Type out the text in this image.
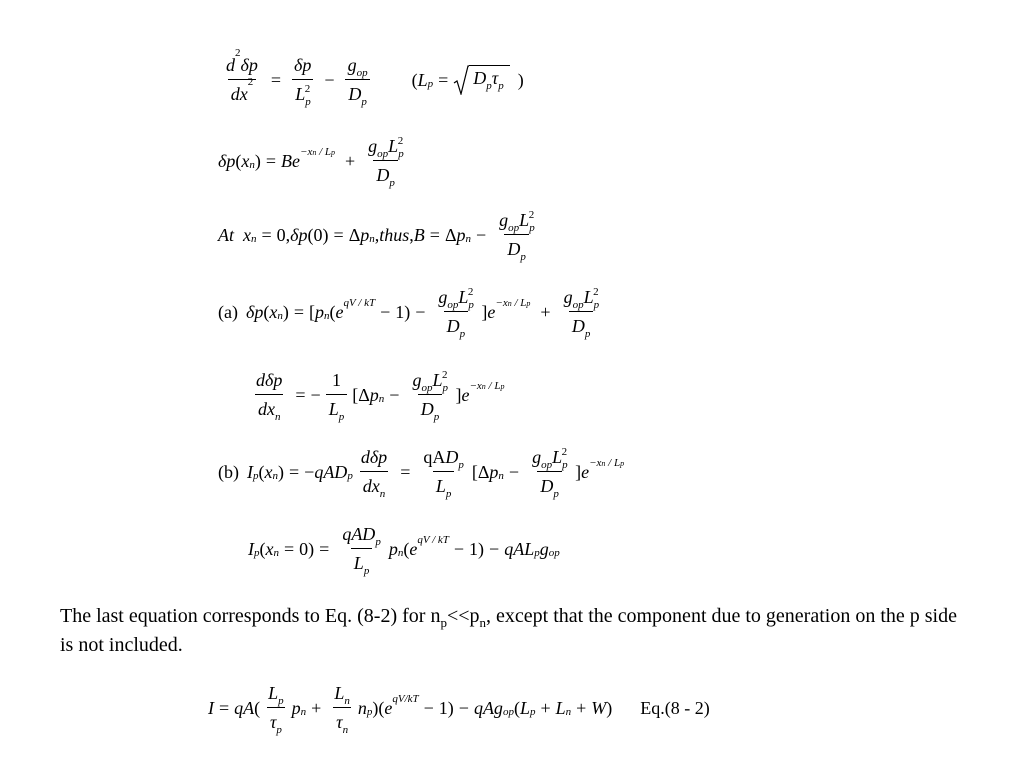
$\frac{d^2\delta p}{dx^2} = \frac{\delta p}{L_p^2} - \frac{g_{op}}{D_p}$ ( L $p = D_p\tau_p$ )
δp ( x n ) = $Be -xn / Lp + \frac{g_{op}L_p^2}{D_p}$
At
x n = 0, δp (0) = Δ p n , thus , B = Δ p $n - \frac{g_{op}L_p^2}{D_p}$
(a) δp ( x n ) = [ p n ( e qV / kT − $1) - \frac{g_{op}L_p^2}{D_p}$ ] $e -xn / Lp + \frac{g_{op}L_p^2}{D_p}$
$\frac{\text{dδp}}{dx_n}$ = − $\frac{1}{L_p} [\Delta$ p $n - \frac{g_{op}L_p^2}{D_p}$ ] e −xn / Lp
(b) I p ( x n ) = − qAD p $\frac{\text{dδp}}{dx_n} = \frac{qAD_p}{L_p} [\Delta$ p $n - \frac{g_{op}L_p^2}{D_p}$ ] e −xn / Lp
I p ( x $n = 0) = \frac{qAD_p}{L_p}$ p n ( e qV / kT − 1) − qAL p g op
The last equation corresponds to Eq. (8-2) for $n_p<<p_n$, except that the component due to generation on the p side is not included.
I = qA ( $\frac{L_p}{\tau_p}$ p $n + \frac{L_n}{\tau_n}$ n p )( e qV/kT − 1) − qAg op ( L p + L n + W ) Eq.(8 - 2)
